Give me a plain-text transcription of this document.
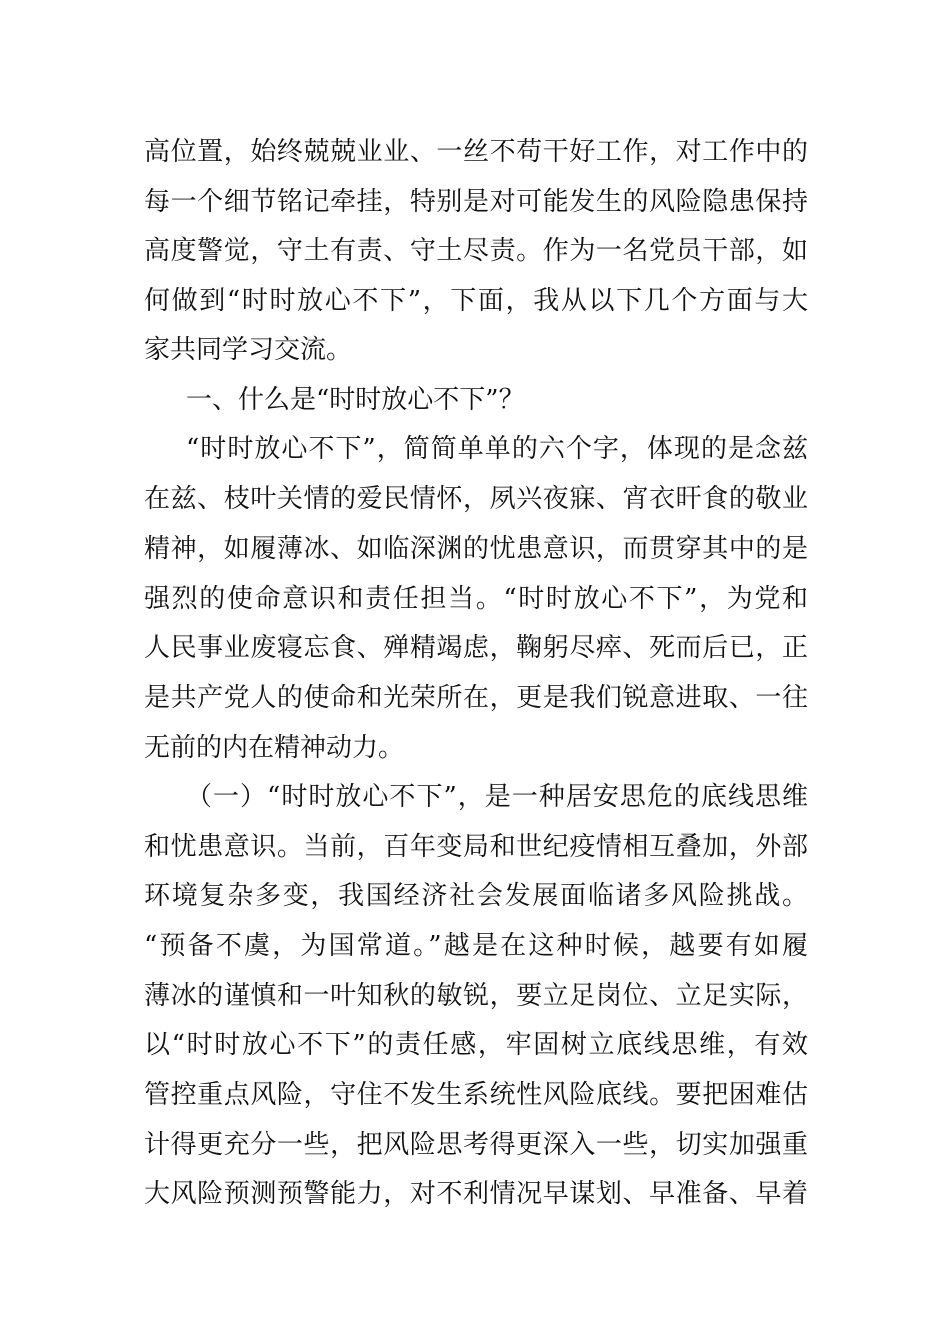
高位置，始终兢兢业业、一丝不苟干好工作，对工作中的
每一个细节铭记牵挂，特别是对可能发生的风险隐患保持
高度警觉，守土有责、守土尽责。作为一名党员干部，如
何做到“时时放心不下”，下面，我从以下几个方面与大
家共同学习交流。
一、什么是“时时放心不下”？
“时时放心不下”，简简单单的六个字，体现的是念兹
在兹、枝叶关情的爱民情怀，夙兴夜寐、宵衣旰食的敬业
精神，如履薄冰、如临深渊的忧患意识，而贯穿其中的是
强烈的使命意识和责任担当。“时时放心不下”，为党和
人民事业废寝忘食、殚精竭虑，鞠躬尽瘁、死而后已，正
是共产党人的使命和光荣所在，更是我们锐意进取、一往
无前的内在精神动力。
（一）“时时放心不下”，是一种居安思危的底线思维
和忧患意识。当前，百年变局和世纪疫情相互叠加，外部
环境复杂多变，我国经济社会发展面临诸多风险挑战。
“预备不虞，为国常道。”越是在这种时候，越要有如履
薄冰的谨慎和一叶知秋的敏锐，要立足岗位、立足实际，
以“时时放心不下”的责任感，牢固树立底线思维，有效
管控重点风险，守住不发生系统性风险底线。要把困难估
计得更充分一些，把风险思考得更深入一些，切实加强重
大风险预测预警能力，对不利情况早谋划、早准备、早着
